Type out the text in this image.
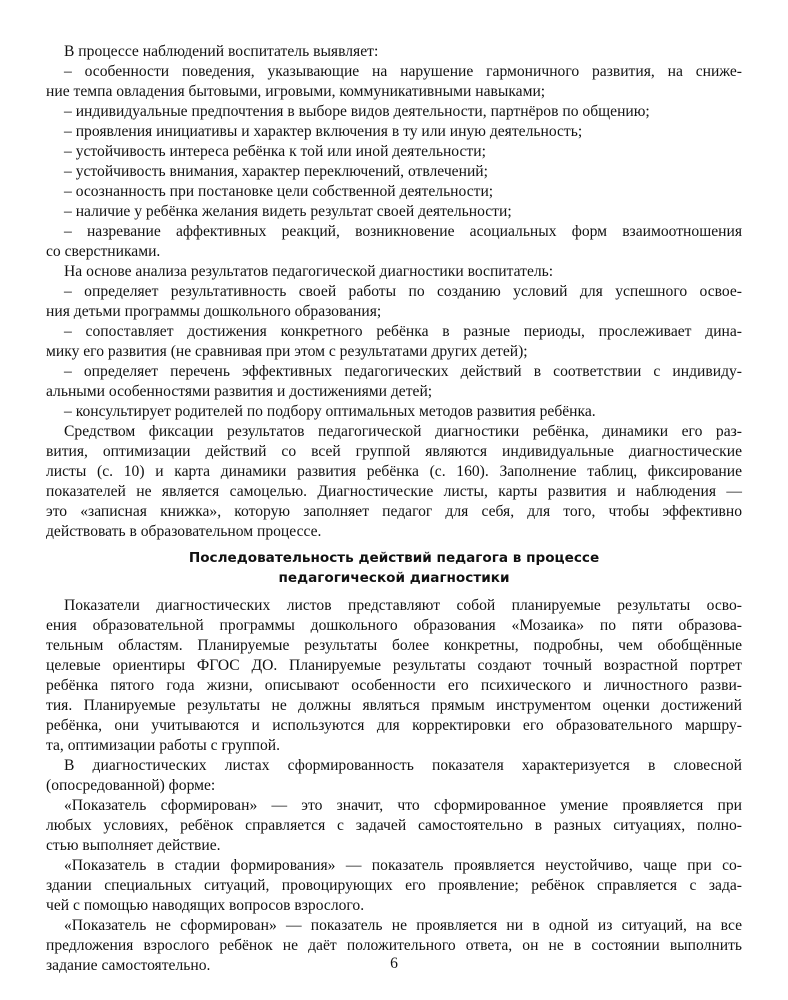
В процессе наблюдений воспитатель выявляет:
– особенности поведения, указывающие на нарушение гармоничного развития, на сниже-
ние темпа овладения бытовыми, игровыми, коммуникативными навыками;
– индивидуальные предпочтения в выборе видов деятельности, партнёров по общению;
– проявления инициативы и характер включения в ту или иную деятельность;
– устойчивость интереса ребёнка к той или иной деятельности;
– устойчивость внимания, характер переключений, отвлечений;
– осознанность при постановке цели собственной деятельности;
– наличие у ребёнка желания видеть результат своей деятельности;
– назревание аффективных реакций, возникновение асоциальных форм взаимоотношения
со сверстниками.
На основе анализа результатов педагогической диагностики воспитатель:
– определяет результативность своей работы по созданию условий для успешного освое-
ния детьми программы дошкольного образования;
– сопоставляет достижения конкретного ребёнка в разные периоды, прослеживает дина-
мику его развития (не сравнивая при этом с результатами других детей);
– определяет перечень эффективных педагогических действий в соответствии с индивиду-
альными особенностями развития и достижениями детей;
– консультирует родителей по подбору оптимальных методов развития ребёнка.
Средством фиксации результатов педагогической диагностики ребёнка, динамики его раз-
вития, оптимизации действий со всей группой являются индивидуальные диагностические
листы (с. 10) и карта динамики развития ребёнка (с. 160). Заполнение таблиц, фиксирование
показателей не является самоцелью. Диагностические листы, карты развития и наблюдения —
это «записная книжка», которую заполняет педагог для себя, для того, чтобы эффективно
действовать в образовательном процессе.
Последовательность действий педагога в процессе
педагогической диагностики
Показатели диагностических листов представляют собой планируемые результаты осво-
ения образовательной программы дошкольного образования «Мозаика» по пяти образова-
тельным областям. Планируемые результаты более конкретны, подробны, чем обобщённые
целевые ориентиры ФГОС ДО. Планируемые результаты создают точный возрастной портрет
ребёнка пятого года жизни, описывают особенности его психического и личностного разви-
тия. Планируемые результаты не должны являться прямым инструментом оценки достижений
ребёнка, они учитываются и используются для корректировки его образовательного маршру-
та, оптимизации работы с группой.
В диагностических листах сформированность показателя характеризуется в словесной
(опосредованной) форме:
«Показатель сформирован» — это значит, что сформированное умение проявляется при
любых условиях, ребёнок справляется с задачей самостоятельно в разных ситуациях, полно-
стью выполняет действие.
«Показатель в стадии формирования» — показатель проявляется неустойчиво, чаще при со-
здании специальных ситуаций, провоцирующих его проявление; ребёнок справляется с зада-
чей с помощью наводящих вопросов взрослого.
«Показатель не сформирован» — показатель не проявляется ни в одной из ситуаций, на все
предложения взрослого ребёнок не даёт положительного ответа, он не в состоянии выполнить
задание самостоятельно.	6
